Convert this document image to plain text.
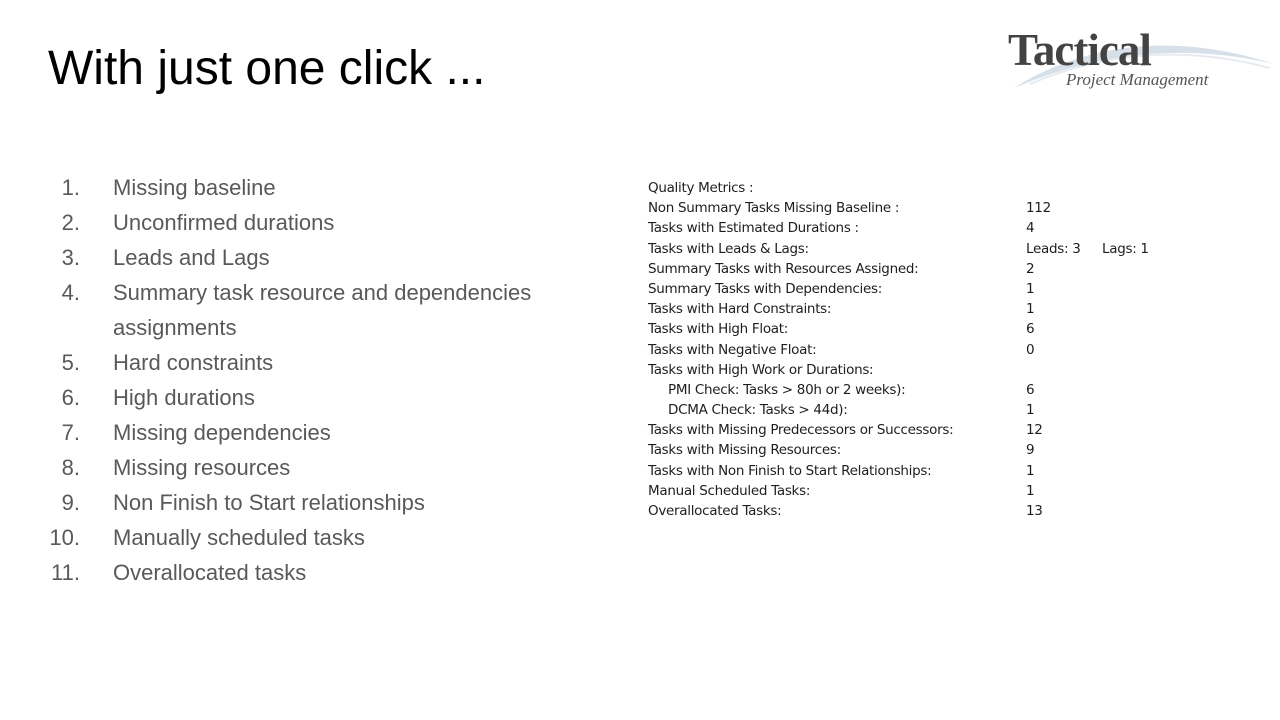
With just one click ...	Tactical
Project Management
1. Missing baseline
2. Unconfirmed durations
3. Leads and Lags
4. Summary task resource and dependencies assignments
5. Hard constraints
6. High durations
7. Missing dependencies
8. Missing resources
9. Non Finish to Start relationships
10. Manually scheduled tasks
11. Overallocated tasks
Quality Metrics :
Non Summary Tasks Missing Baseline :	112
Tasks with Estimated Durations :	4
Tasks with Leads & Lags:	Leads: 3 Lags: 1
Summary Tasks with Resources Assigned:	2
Summary Tasks with Dependencies:	1
Tasks with Hard Constraints:	1
Tasks with High Float:	6
Tasks with Negative Float:	0
Tasks with High Work or Durations:
PMI Check: Tasks > 80h or 2 weeks):	6
DCMA Check: Tasks > 44d):	1
Tasks with Missing Predecessors or Successors:	12
Tasks with Missing Resources:	9
Tasks with Non Finish to Start Relationships:	1
Manual Scheduled Tasks:	1
Overallocated Tasks:	13
